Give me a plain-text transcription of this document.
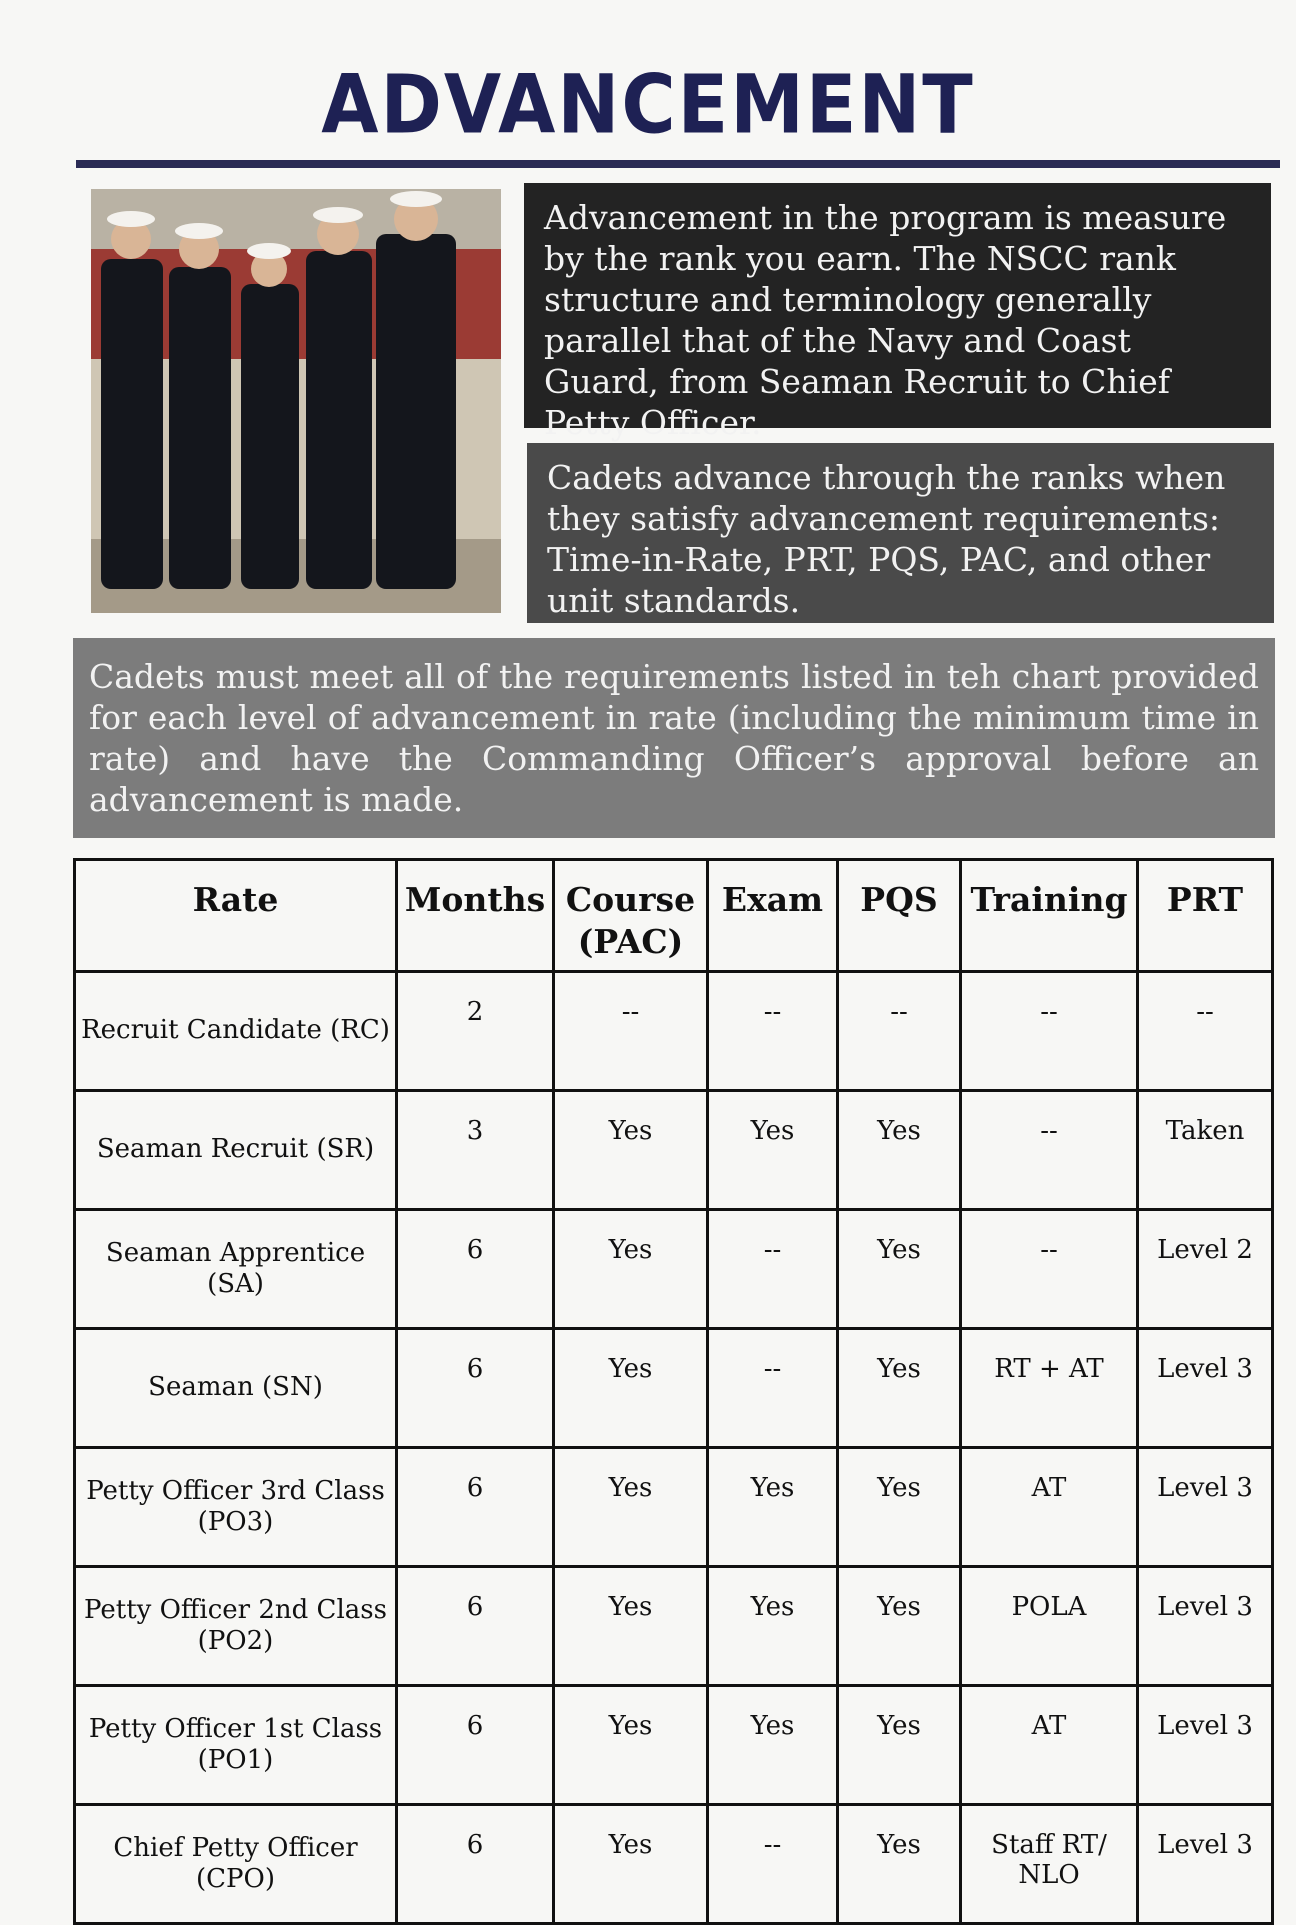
ADVANCEMENT
Advancement in the program is measure by the rank you earn. The NSCC rank structure and terminology generally parallel that of the Navy and Coast Guard, from Seaman Recruit to Chief Petty Officer.
Cadets advance through the ranks when they satisfy advancement requirements: Time-in-Rate, PRT, PQS, PAC, and other unit standards.
Cadets must meet all of the requirements listed in teh chart provided for each level of advancement in rate (including the minimum time in rate) and have the Commanding Officer’s approval before an advancement is made.
Rate	Months	Course (PAC)	Exam	PQS	Training	PRT
Recruit Candidate (RC)	2	--	--	--	--	--
Seaman Recruit (SR)	3	Yes	Yes	Yes	--	Taken
Seaman Apprentice (SA)	6	Yes	--	Yes	--	Level 2
Seaman (SN)	6	Yes	--	Yes	RT + AT	Level 3
Petty Officer 3rd Class (PO3)	6	Yes	Yes	Yes	AT	Level 3
Petty Officer 2nd Class (PO2)	6	Yes	Yes	Yes	POLA	Level 3
Petty Officer 1st Class (PO1)	6	Yes	Yes	Yes	AT	Level 3
Chief Petty Officer (CPO)	6	Yes	--	Yes	Staff RT/ NLO	Level 3
